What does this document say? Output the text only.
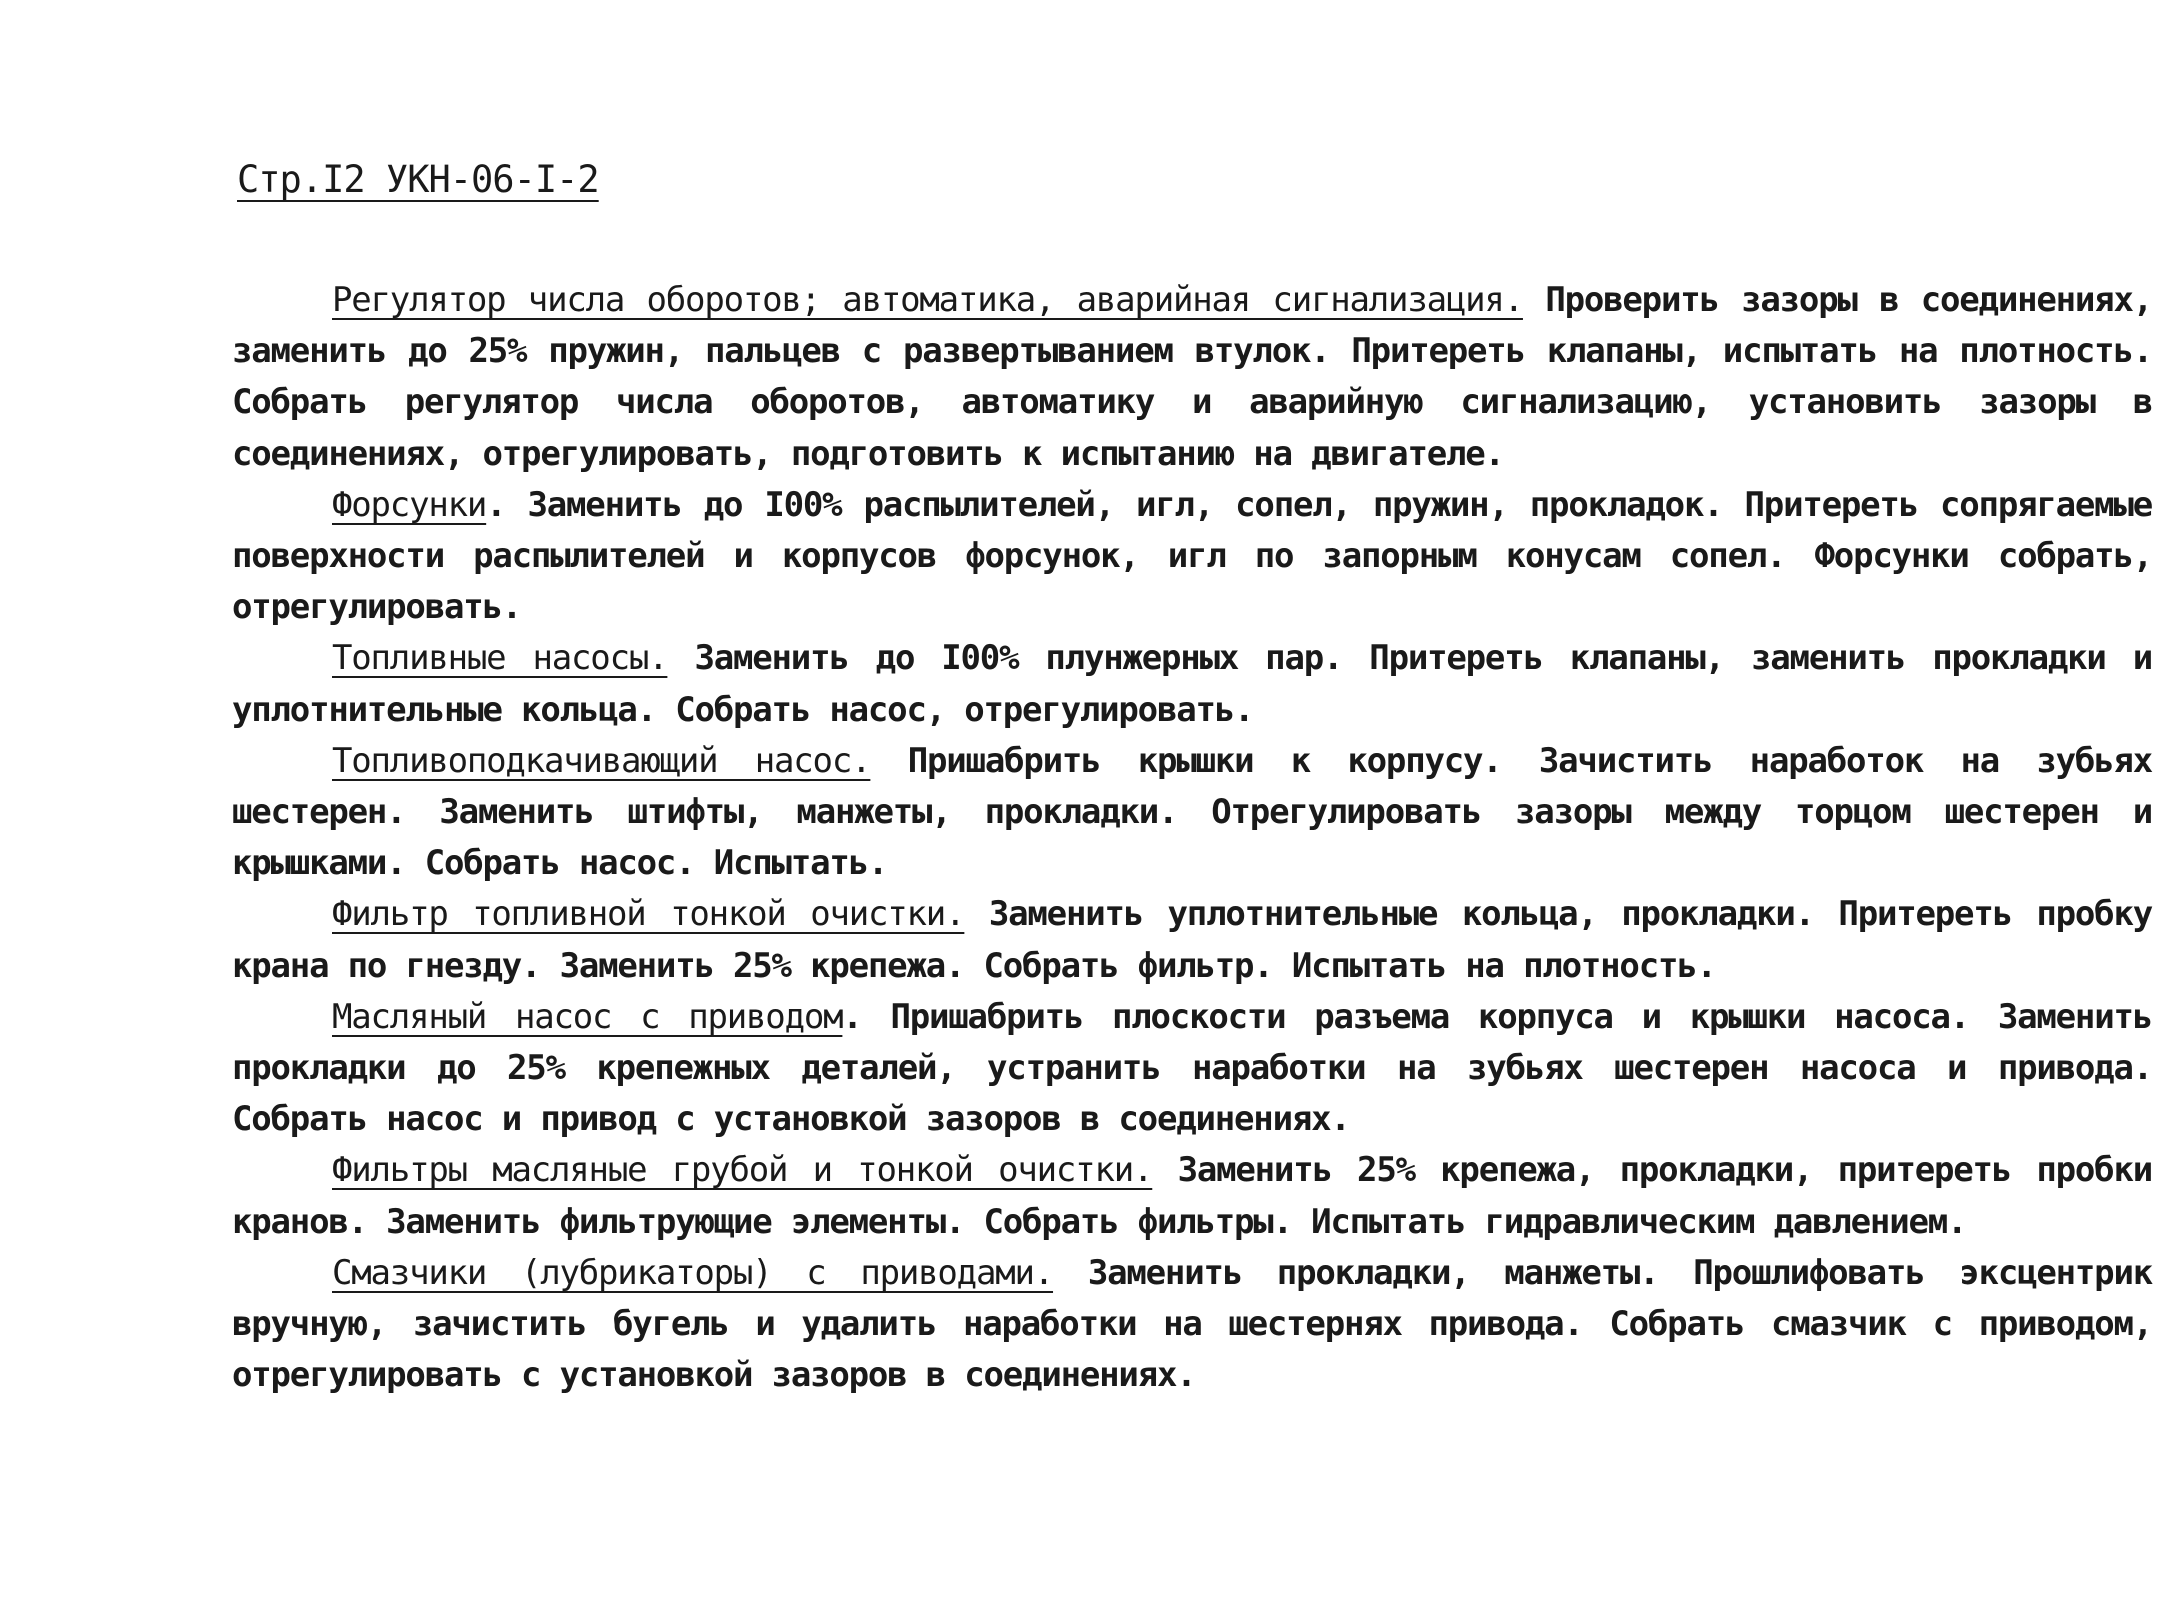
Стр.I2 УКН-06-I-2

Регулятор числа оборотов; автоматика, аварийная сигнализация. Проверить зазоры в соединениях, заменить до 25% пружин, пальцев с развертыванием втулок. Притереть клапаны, испытать на плотность. Собрать регулятор числа оборотов, автоматику и аварийную сигнализацию, установить зазоры в соединениях, отрегулировать, подготовить к испытанию на двигателе.

Форсунки. Заменить до I00% распылителей, игл, сопел, пружин, прокладок. Притереть сопрягаемые поверхности распылителей и корпусов форсунок, игл по запорным конусам сопел. Форсунки собрать, отрегулировать.

Топливные насосы. Заменить до I00% плунжерных пар. Притереть клапаны, заменить прокладки и уплотнительные кольца. Собрать насос, отрегулировать.

Топливоподкачивающий насос. Пришабрить крышки к корпусу. Зачистить наработок на зубьях шестерен. Заменить штифты, манжеты, прокладки. Отрегулировать зазоры между торцом шестерен и крышками. Собрать насос. Испытать.

Фильтр топливной тонкой очистки. Заменить уплотнительные кольца, прокладки. Притереть пробку крана по гнезду. Заменить 25% крепежа. Собрать фильтр. Испытать на плотность.

Масляный насос с приводом. Пришабрить плоскости разъема корпуса и крышки насоса. Заменить прокладки до 25% крепежных деталей, устранить наработки на зубьях шестерен насоса и привода. Собрать насос и привод с установкой зазоров в соединениях.

Фильтры масляные грубой и тонкой очистки. Заменить 25% крепежа, прокладки, притереть пробки кранов. Заменить фильтрующие элементы. Собрать фильтры. Испытать гидравлическим давлением.

Смазчики (лубрикаторы) с приводами. Заменить прокладки, манжеты. Прошлифовать эксцентрик вручную, зачистить бугель и удалить наработки на шестернях привода. Собрать смазчик с приводом, отрегулировать с установкой зазоров в соединениях.
